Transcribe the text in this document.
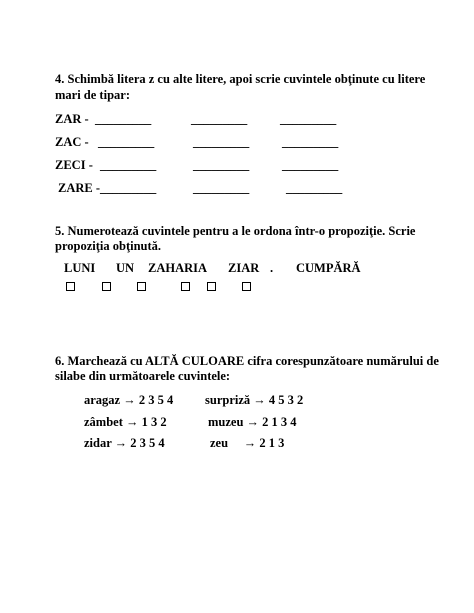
4. Schimbă litera z cu alte litere, apoi scrie cuvintele obţinute cu litere
mari de tipar:
ZAR - _________	_________	_________
ZAC - _________	_________	_________
ZECI - _________	_________	_________
ZARE - _________	_________	_________
5. Numerotează cuvintele pentru a le ordona într-o propoziţie. Scrie
propoziţia obţinută.
LUNI UN ZAHARIA ZIAR . CUMPĂRĂ
6. Marchează cu ALTĂ CULOARE cifra corespunzătoare numărului de
silabe din următoarele cuvintele:
aragaz → 2 3 5 4	surpriză → 4 5 3 2
zâmbet → 1 3 2	muzeu → 2 1 3 4
zidar → 2 3 5 4	zeu     → 2 1 3
